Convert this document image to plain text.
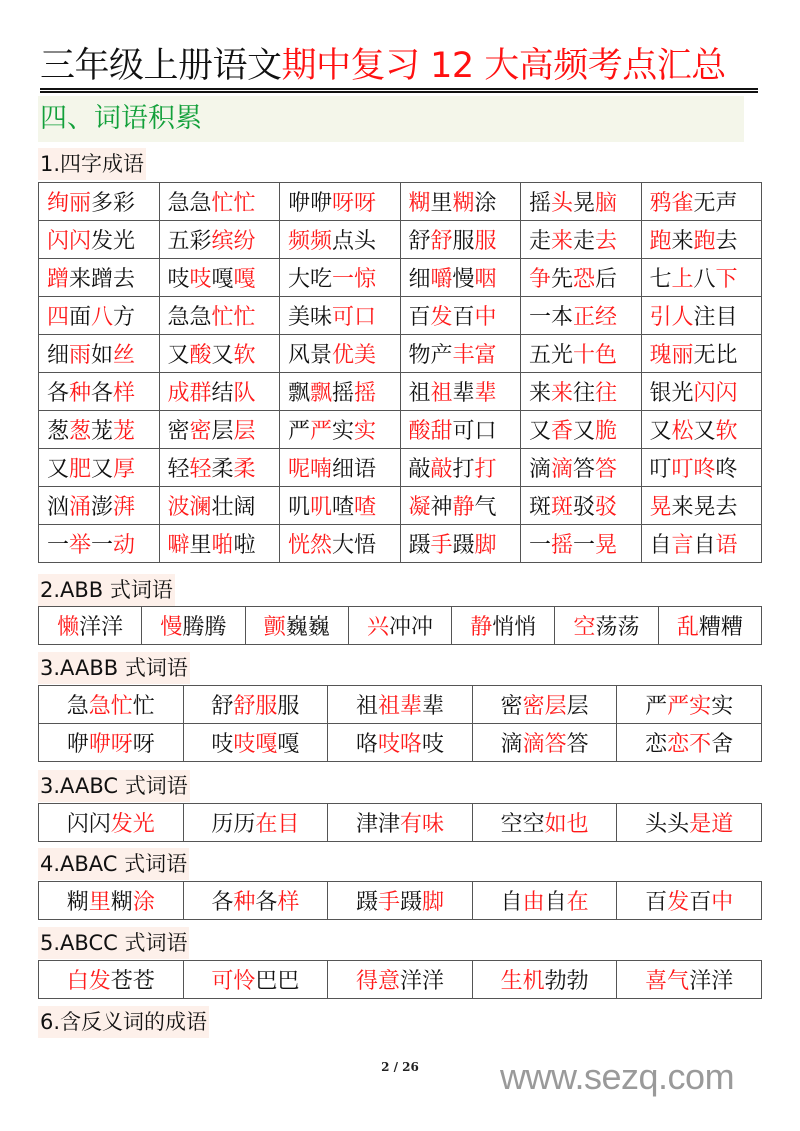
三年级上册语文期中复习 12 大高频考点汇总
四、词语积累
1.四字成语
绚丽多彩	急急忙忙	咿咿呀呀	糊里糊涂	摇头晃脑	鸦雀无声
闪闪发光	五彩缤纷	频频点头	舒舒服服	走来走去	跑来跑去
蹭来蹭去	吱吱嘎嘎	大吃一惊	细嚼慢咽	争先恐后	七上八下
四面八方	急急忙忙	美味可口	百发百中	一本正经	引人注目
细雨如丝	又酸又软	风景优美	物产丰富	五光十色	瑰丽无比
各种各样	成群结队	飘飘摇摇	祖祖辈辈	来来往往	银光闪闪
葱葱茏茏	密密层层	严严实实	酸甜可口	又香又脆	又松又软
又肥又厚	轻轻柔柔	呢喃细语	敲敲打打	滴滴答答	叮叮咚咚
汹涌澎湃	波澜壮阔	叽叽喳喳	凝神静气	斑斑驳驳	晃来晃去
一举一动	噼里啪啦	恍然大悟	蹑手蹑脚	一摇一晃	自言自语
2.ABB 式词语
懒洋洋	慢腾腾	颤巍巍	兴冲冲	静悄悄	空荡荡	乱糟糟
3.AABB 式词语
急急忙忙	舒舒服服	祖祖辈辈	密密层层	严严实实
咿咿呀呀	吱吱嘎嘎	咯吱咯吱	滴滴答答	恋恋不舍
3.AABC 式词语
闪闪发光	历历在目	津津有味	空空如也	头头是道
4.ABAC 式词语
糊里糊涂	各种各样	蹑手蹑脚	自由自在	百发百中
5.ABCC 式词语
白发苍苍	可怜巴巴	得意洋洋	生机勃勃	喜气洋洋
6.含反义词的成语
2 / 26	www.sezq.com
